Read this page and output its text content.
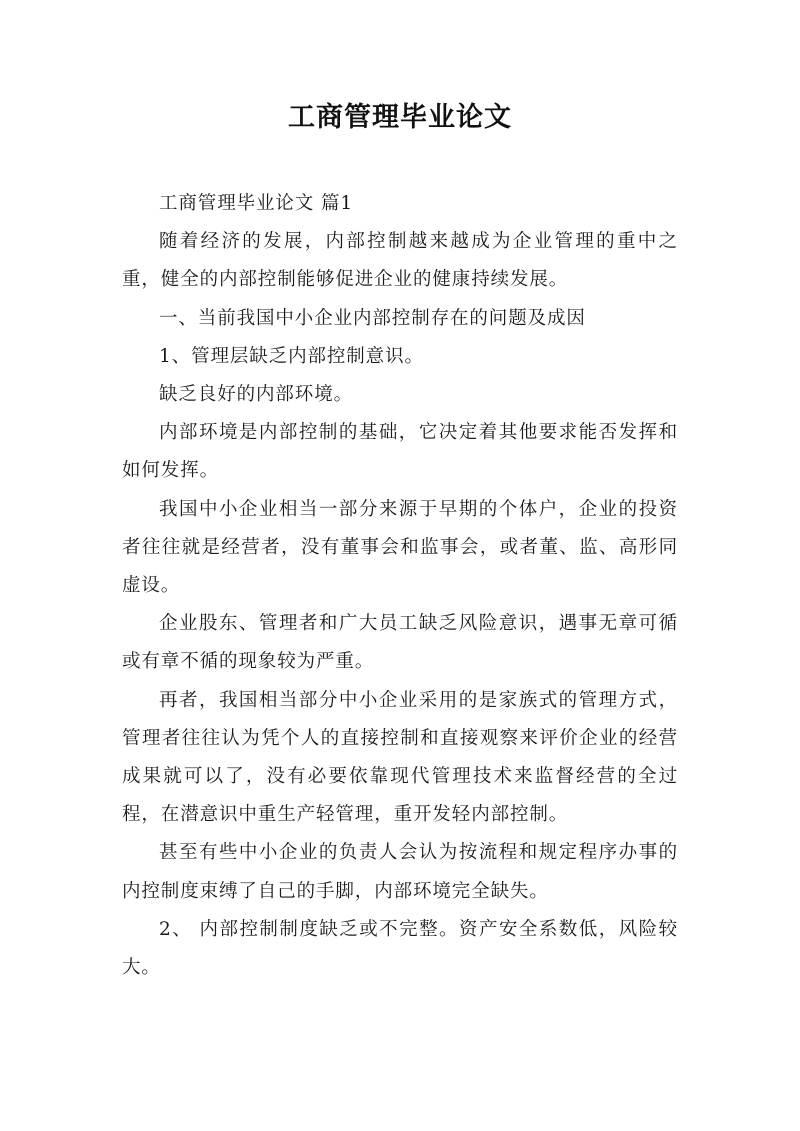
工商管理毕业论文

工商管理毕业论文 篇1

随着经济的发展，内部控制越来越成为企业管理的重中之重，健全的内部控制能够促进企业的健康持续发展。

一、当前我国中小企业内部控制存在的问题及成因

1、管理层缺乏内部控制意识。

缺乏良好的内部环境。

内部环境是内部控制的基础，它决定着其他要求能否发挥和如何发挥。

我国中小企业相当一部分来源于早期的个体户，企业的投资者往往就是经营者，没有董事会和监事会，或者董、监、高形同虚设。

企业股东、管理者和广大员工缺乏风险意识，遇事无章可循或有章不循的现象较为严重。

再者，我国相当部分中小企业采用的是家族式的管理方式，管理者往往认为凭个人的直接控制和直接观察来评价企业的经营成果就可以了，没有必要依靠现代管理技术来监督经营的全过程，在潜意识中重生产轻管理，重开发轻内部控制。

甚至有些中小企业的负责人会认为按流程和规定程序办事的内控制度束缚了自己的手脚，内部环境完全缺失。

2、 内部控制制度缺乏或不完整。资产安全系数低，风险较大。
